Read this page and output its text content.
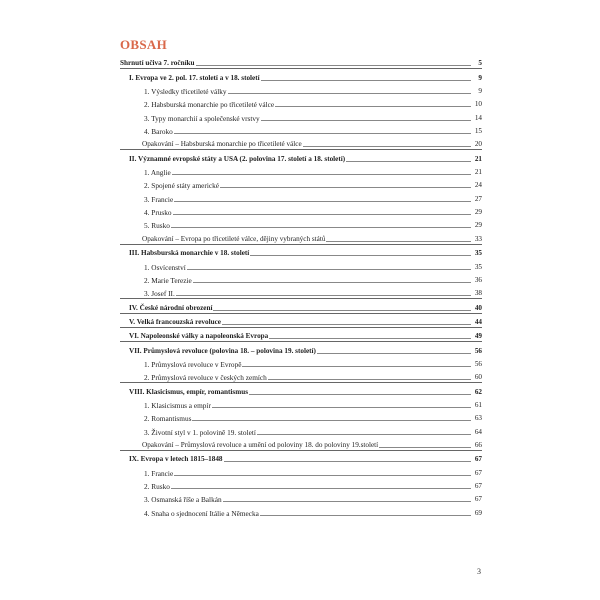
OBSAH
Shrnutí učiva 7. ročníku	5
I. Evropa ve 2. pol. 17. století a v 18. století	9
1. Výsledky třicetileté války	9
2. Habsburská monarchie po třicetileté válce	10
3. Typy monarchií a společenské vrstvy	14
4. Baroko	15
Opakování – Habsburská monarchie po třicetileté válce	20
II. Významné evropské státy a USA (2. polovina 17. století a 18. století)	21
1. Anglie	21
2. Spojené státy americké	24
3. Francie	27
4. Prusko	29
5. Rusko	29
Opakování – Evropa po třicetileté válce, dějiny vybraných států	33
III. Habsburská monarchie v 18. století	35
1. Osvícenství	35
2. Marie Terezie	36
3. Josef II.	38
IV. České národní obrození	40
V. Velká francouzská revoluce	44
VI. Napoleonské války a napoleonská Evropa	49
VII. Průmyslová revoluce (polovina 18. – polovina 19. století)	56
1. Průmyslová revoluce v Evropě	56
2. Průmyslová revoluce v českých zemích	60
VIII. Klasicismus, empír, romantismus	62
1. Klasicismus a empír	61
2. Romantismus	63
3. Životní styl v 1. polovině 19. století	64
Opakování – Průmyslová revoluce a umění od poloviny 18. do poloviny 19.století	66
IX. Evropa v letech 1815–1848	67
1. Francie	67
2. Rusko	67
3. Osmanská říše a Balkán	67
4. Snaha o sjednocení Itálie a Německa	69
3
